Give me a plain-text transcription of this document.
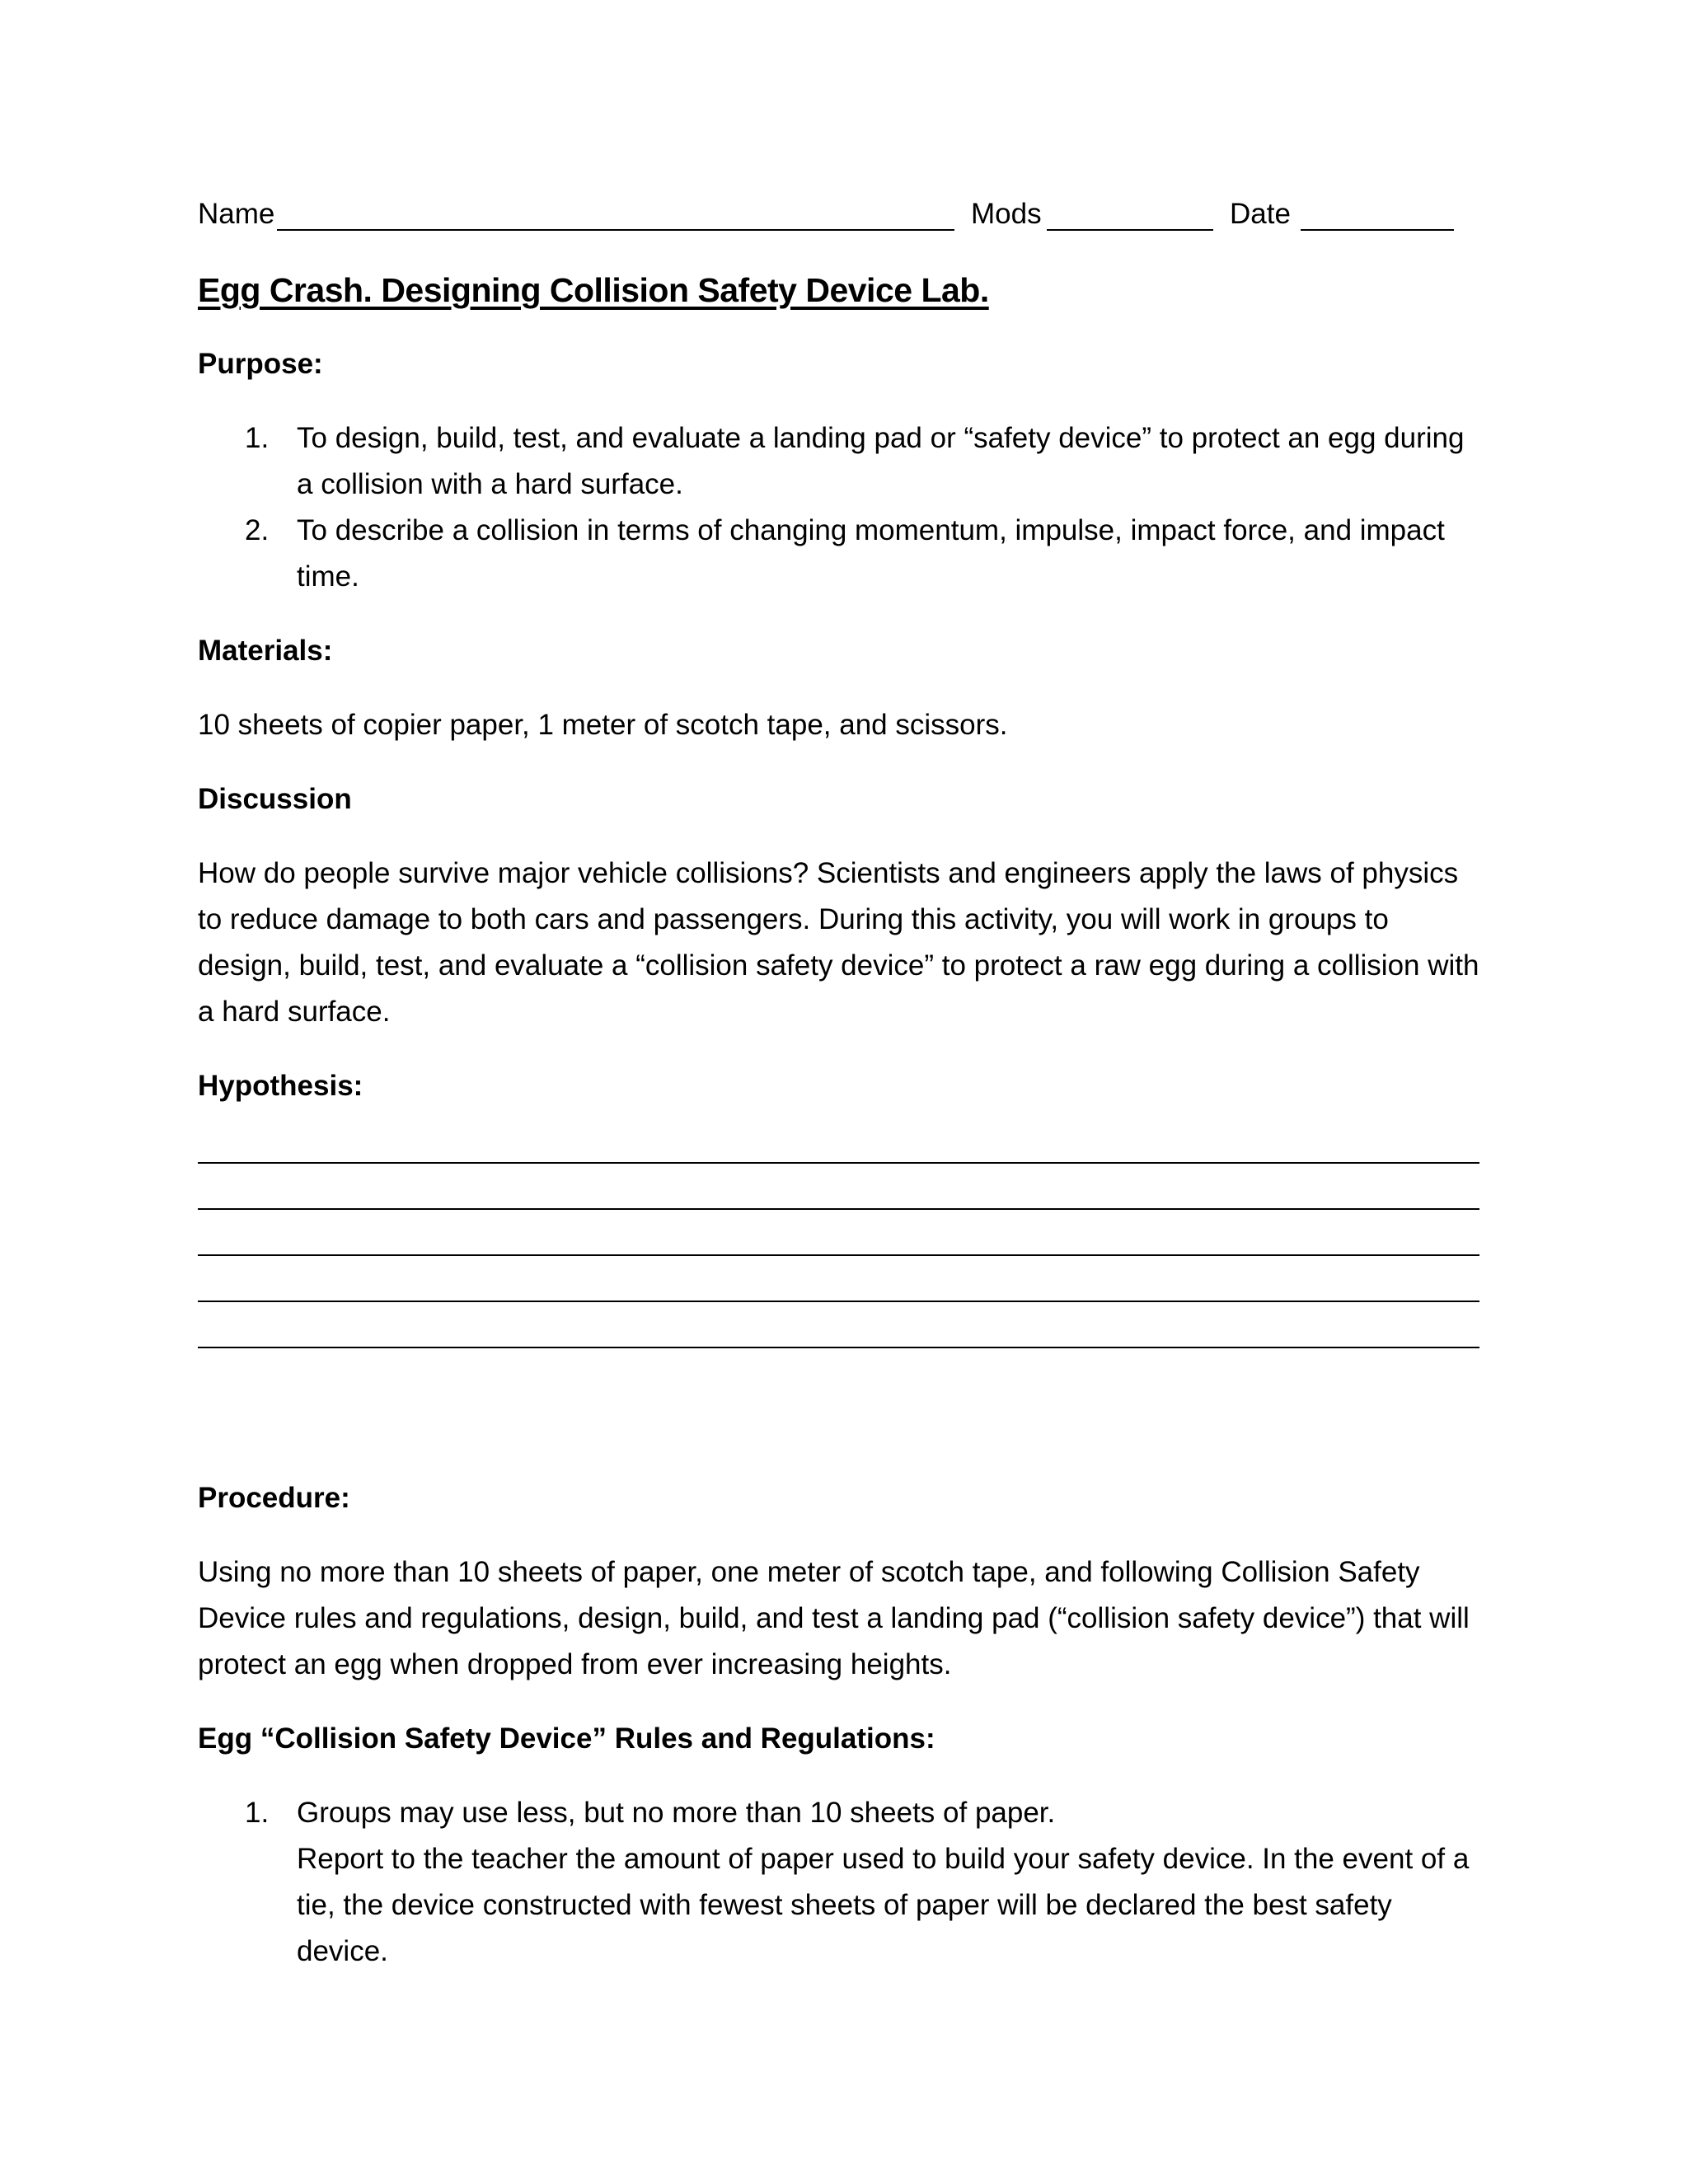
Name	Mods	Date
Egg Crash. Designing Collision Safety Device Lab.
Purpose:
1. To design, build, test, and evaluate a landing pad or “safety device” to protect an egg during a collision with a hard surface.
2. To describe a collision in terms of changing momentum, impulse, impact force, and impact time.
Materials:

10 sheets of copier paper, 1 meter of scotch tape, and scissors.

Discussion

How do people survive major vehicle collisions? Scientists and engineers apply the laws of physics to reduce damage to both cars and passengers. During this activity, you will work in groups to design, build, test, and evaluate a “collision safety device” to protect a raw egg during a collision with a hard surface.

Hypothesis:
Procedure:

Using no more than 10 sheets of paper, one meter of scotch tape, and following Collision Safety Device rules and regulations, design, build, and test a landing pad (“collision safety device”) that will protect an egg when dropped from ever increasing heights.

Egg “Collision Safety Device” Rules and Regulations:
1. Groups may use less, but no more than 10 sheets of paper.
Report to the teacher the amount of paper used to build your safety device. In the event of a tie, the device constructed with fewest sheets of paper will be declared the best safety device.
